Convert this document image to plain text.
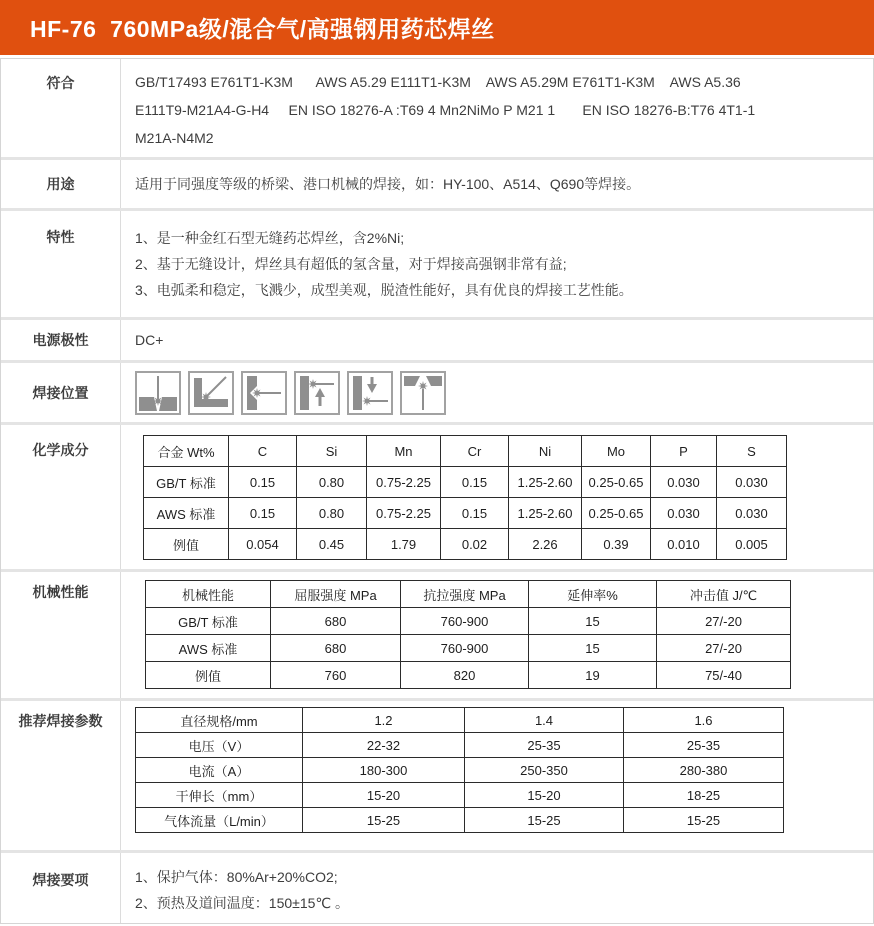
HF-76  760MPa级/混合气/高强钢用药芯焊丝
符合	GB/T17493 E761T1-K3M      AWS A5.29 E111T1-K3M    AWS A5.29M E761T1-K3M    AWS A5.36
E111T9-M21A4-G-H4     EN ISO 18276-A :T69 4 Mn2NiMo P M21 1       EN ISO 18276-B:T76 4T1-1
M21A-N4M2
用途	适用于同强度等级的桥梁、港口机械的焊接，如：HY-100、A514、Q690等焊接。
特性	1、是一种金红石型无缝药芯焊丝，含2%Ni;
2、基于无缝设计，焊丝具有超低的氢含量，对于焊接高强钢非常有益;
3、电弧柔和稳定，飞溅少，成型美观，脱渣性能好，具有优良的焊接工艺性能。
电源极性	DC+
焊接位置
化学成分	合金 Wt%	C	Si	Mn	Cr	Ni	Mo	P	S
GB/T 标准	0.15	0.80	0.75-2.25	0.15	1.25-2.60	0.25-0.65	0.030	0.030
AWS 标准	0.15	0.80	0.75-2.25	0.15	1.25-2.60	0.25-0.65	0.030	0.030
例值	0.054	0.45	1.79	0.02	2.26	0.39	0.010	0.005
机械性能	机械性能	屈服强度 MPa	抗拉强度 MPa	延伸率%	冲击值 J/℃
GB/T 标准	680	760-900	15	27/-20
AWS 标准	680	760-900	15	27/-20
例值	760	820	19	75/-40
推荐焊接参数	直径规格/mm	1.2	1.4	1.6
电压（V）	22-32	25-35	25-35
电流（A）	180-300	250-350	280-380
干伸长（mm）	15-20	15-20	18-25
气体流量（L/min）	15-25	15-25	15-25
焊接要项	1、保护气体：80%Ar+20%CO2;
2、预热及道间温度：150±15℃ 。
